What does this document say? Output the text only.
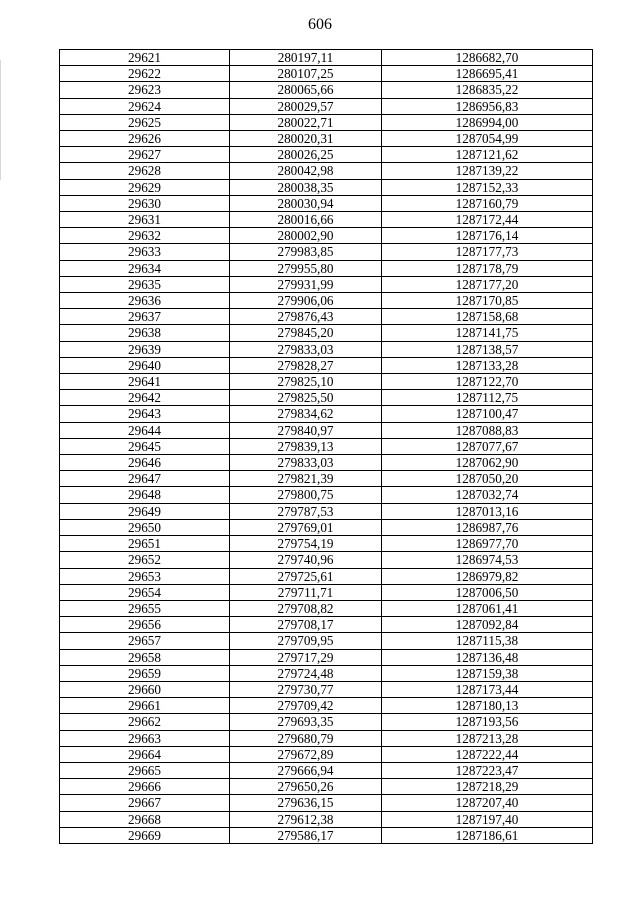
606
29621	280197,11	1286682,70
29622	280107,25	1286695,41
29623	280065,66	1286835,22
29624	280029,57	1286956,83
29625	280022,71	1286994,00
29626	280020,31	1287054,99
29627	280026,25	1287121,62
29628	280042,98	1287139,22
29629	280038,35	1287152,33
29630	280030,94	1287160,79
29631	280016,66	1287172,44
29632	280002,90	1287176,14
29633	279983,85	1287177,73
29634	279955,80	1287178,79
29635	279931,99	1287177,20
29636	279906,06	1287170,85
29637	279876,43	1287158,68
29638	279845,20	1287141,75
29639	279833,03	1287138,57
29640	279828,27	1287133,28
29641	279825,10	1287122,70
29642	279825,50	1287112,75
29643	279834,62	1287100,47
29644	279840,97	1287088,83
29645	279839,13	1287077,67
29646	279833,03	1287062,90
29647	279821,39	1287050,20
29648	279800,75	1287032,74
29649	279787,53	1287013,16
29650	279769,01	1286987,76
29651	279754,19	1286977,70
29652	279740,96	1286974,53
29653	279725,61	1286979,82
29654	279711,71	1287006,50
29655	279708,82	1287061,41
29656	279708,17	1287092,84
29657	279709,95	1287115,38
29658	279717,29	1287136,48
29659	279724,48	1287159,38
29660	279730,77	1287173,44
29661	279709,42	1287180,13
29662	279693,35	1287193,56
29663	279680,79	1287213,28
29664	279672,89	1287222,44
29665	279666,94	1287223,47
29666	279650,26	1287218,29
29667	279636,15	1287207,40
29668	279612,38	1287197,40
29669	279586,17	1287186,61
